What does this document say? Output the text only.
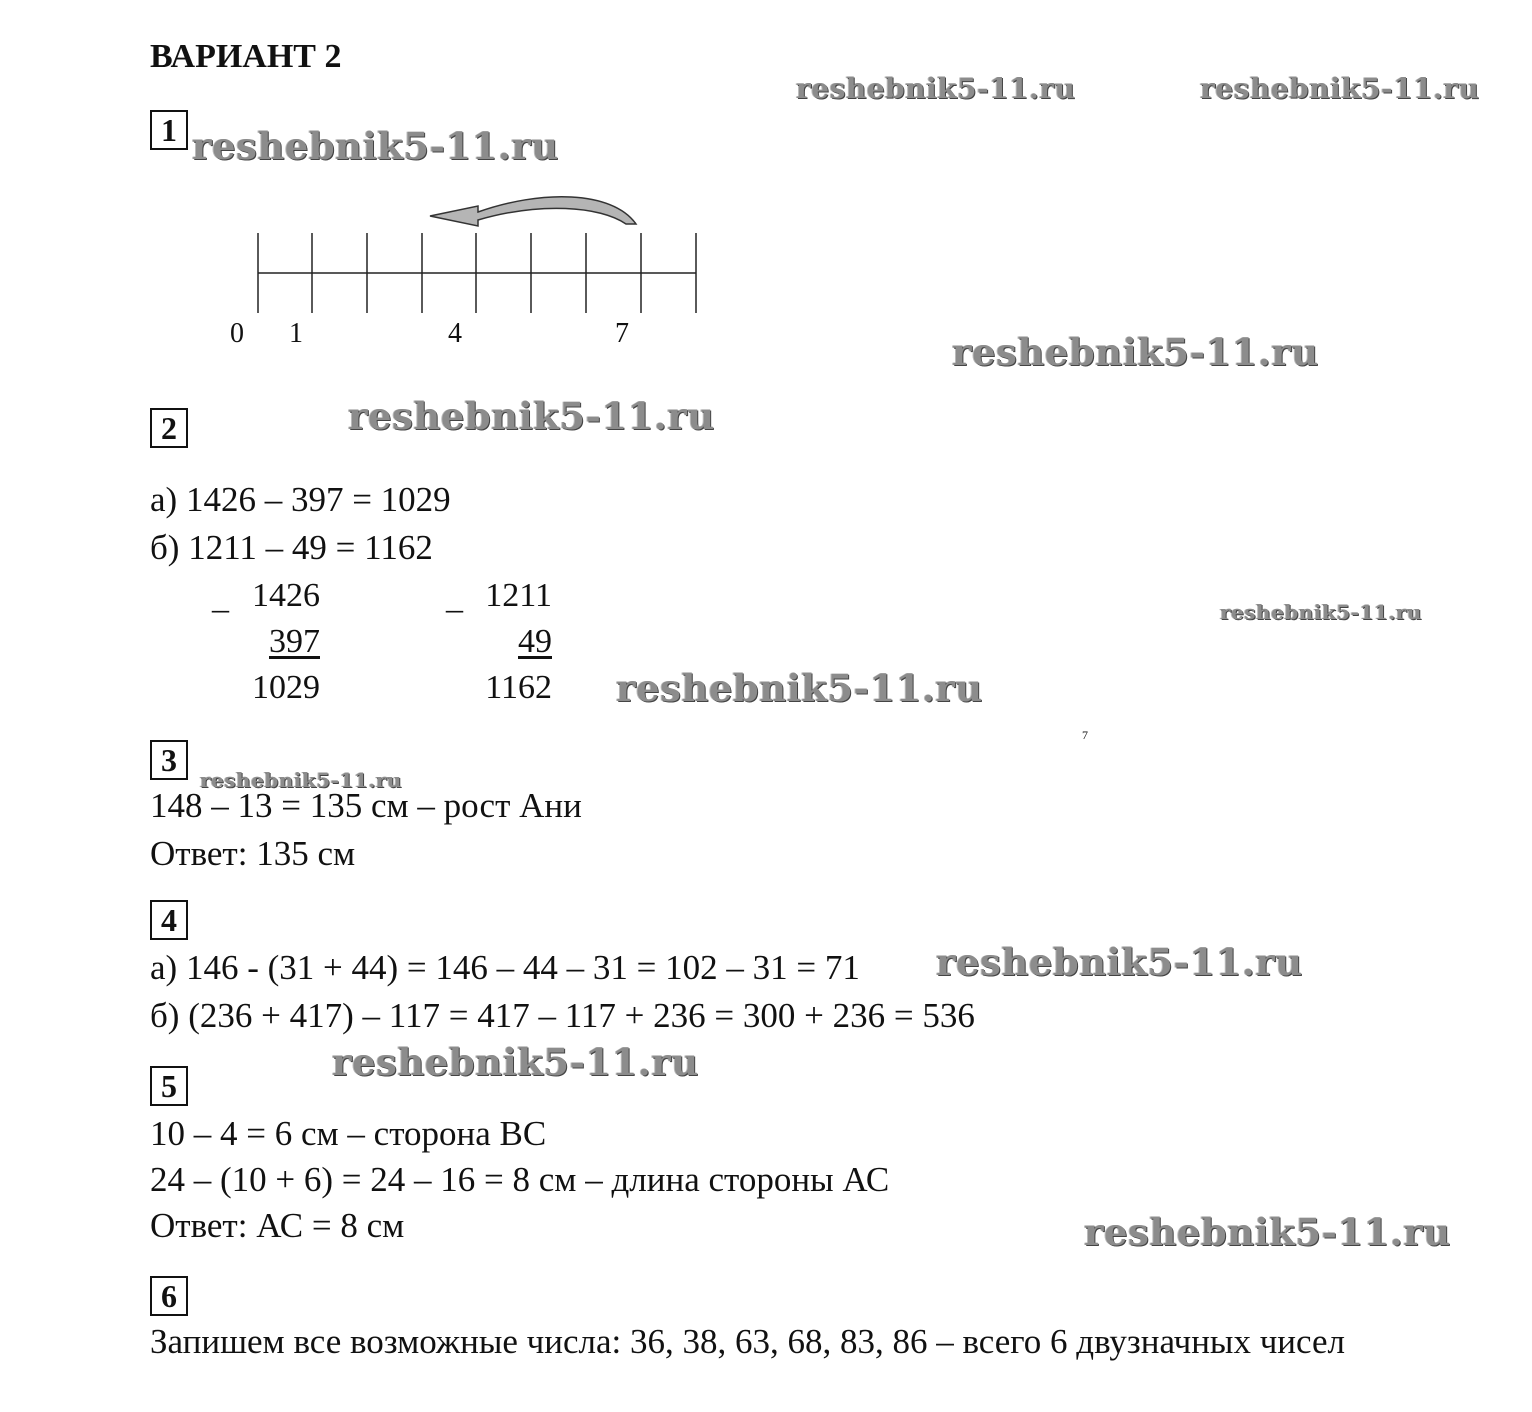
ВАРИАНТ 2
reshebnik5-11.ru	reshebnik5-11.ru
reshebnik5-11.ru
reshebnik5-11.ru
reshebnik5-11.ru
reshebnik5-11.ru
reshebnik5-11.ru
reshebnik5-11.ru
reshebnik5-11.ru
reshebnik5-11.ru
reshebnik5-11.ru
1
0 1	4	7
2
а) 1426 – 397 = 1029
б) 1211 – 49 = 1162
_ 1426
397
1029
_ 1211
49
1162
7
3
148 – 13 = 135 см – рост Ани
Ответ: 135 см
4
а) 146 - (31 + 44) = 146 – 44 – 31 = 102 – 31 = 71
б) (236 + 417) – 117 = 417 – 117 + 236 = 300 + 236 = 536
5
10 – 4 = 6 см – сторона ВС
24 – (10 + 6) = 24 – 16 = 8 см – длина стороны АС
Ответ: АС = 8 см
6
Запишем все возможные числа: 36, 38, 63, 68, 83, 86 – всего 6 двузначных чисел
